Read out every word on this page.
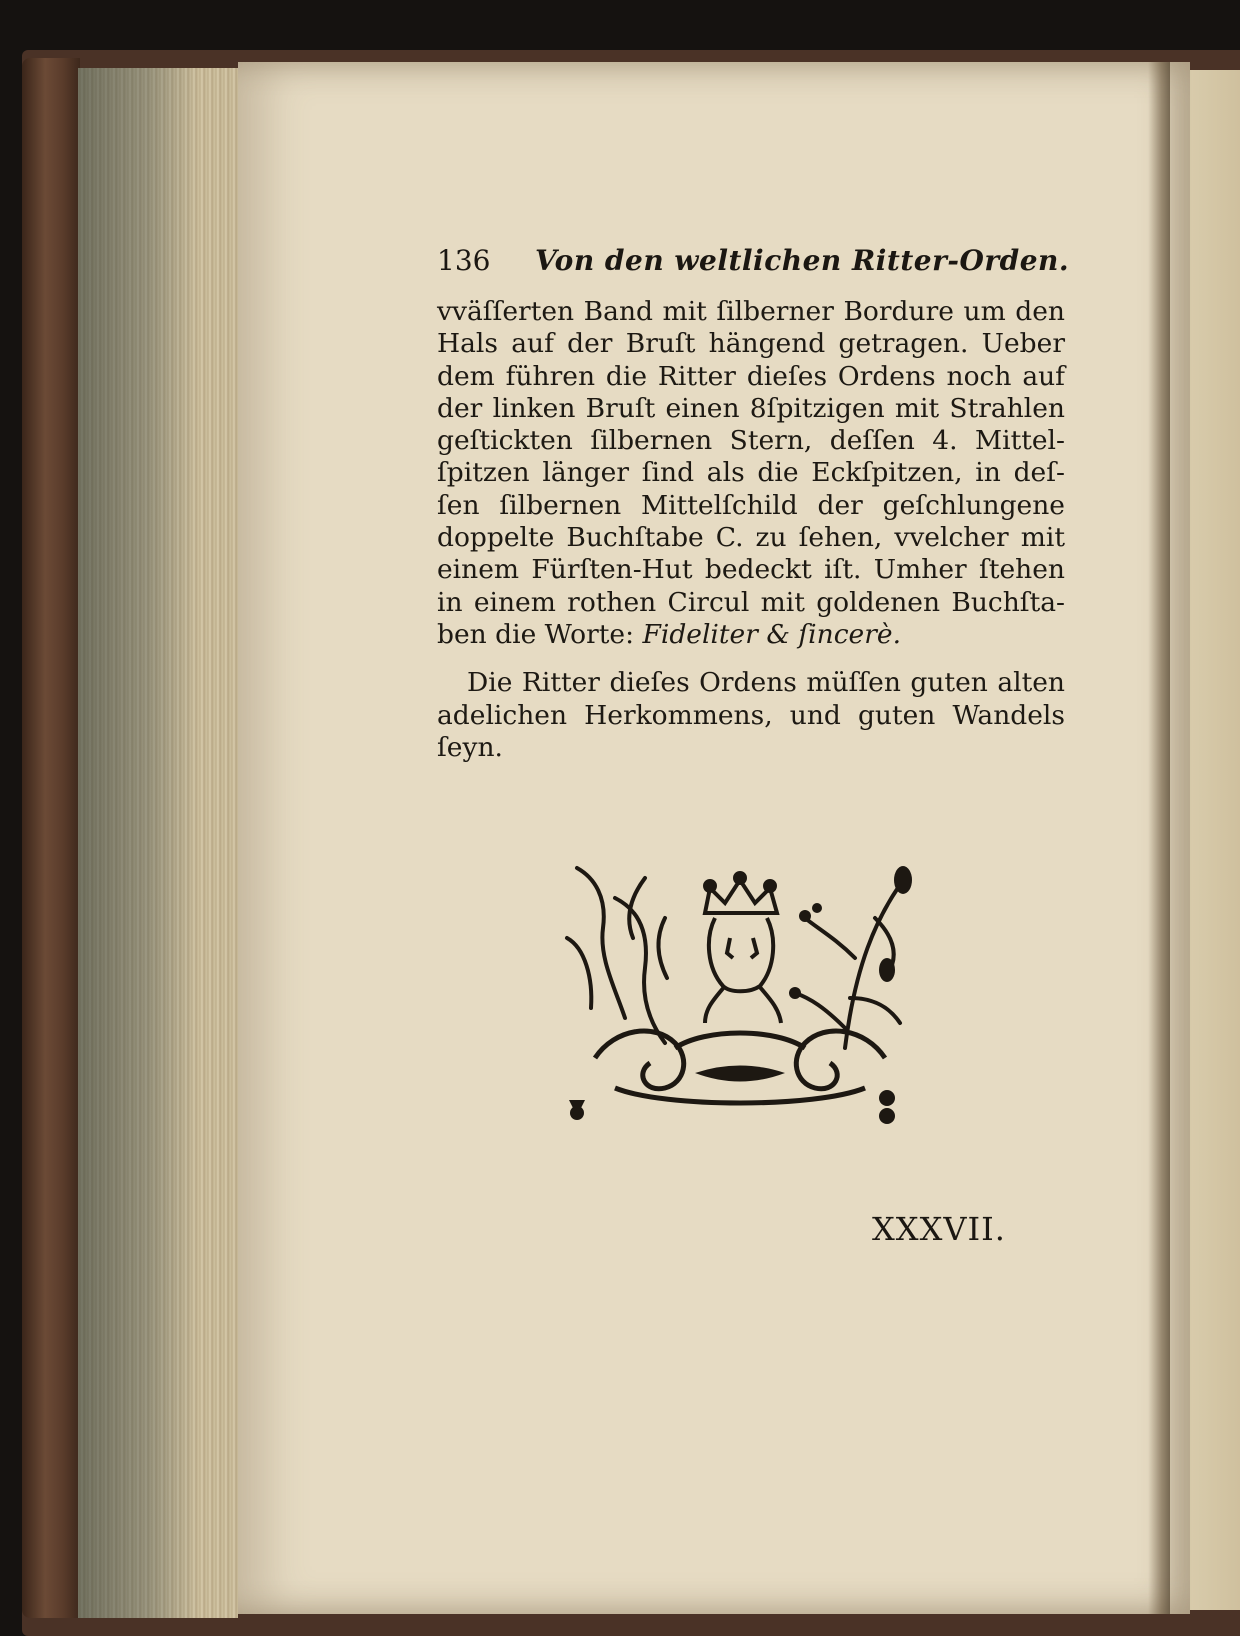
136 Von den weltlichen Ritter-Orden.
vväſſerten Band mit ſilberner Bordure um den
Hals auf der Bruſt hängend getragen. Ueber
dem führen die Ritter dieſes Ordens noch auf
der linken Bruſt einen 8ſpitzigen mit Strahlen
geſtickten ſilbernen Stern, deſſen 4. Mittel-
ſpitzen länger ſind als die Eckſpitzen, in deſ-
ſen ſilbernen Mittelſchild der geſchlungene
doppelte Buchſtabe C. zu ſehen, vvelcher mit
einem Fürſten-Hut bedeckt iſt. Umher ſtehen
in einem rothen Circul mit goldenen Buchſta-
ben die Worte: Fideliter & ſincerè.
Die Ritter dieſes Ordens müſſen guten alten
adelichen Herkommens, und guten Wandels
ſeyn.
XXXVII.
